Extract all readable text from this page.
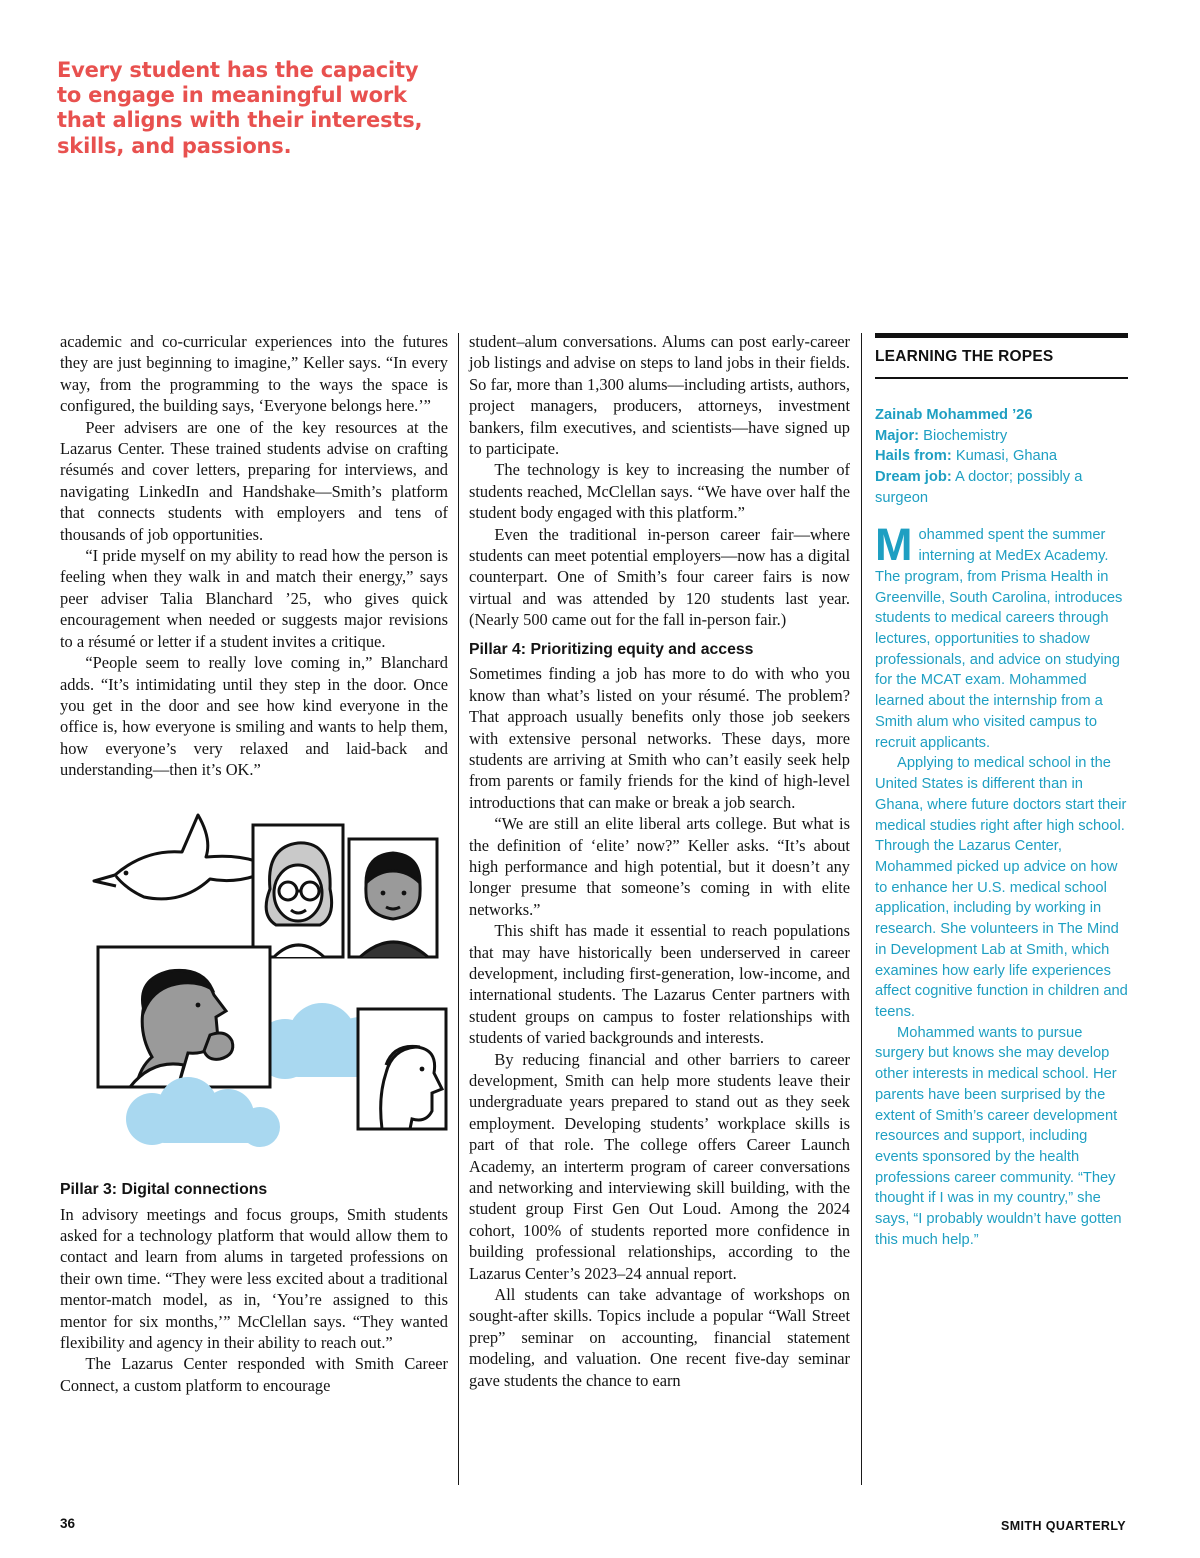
Every student has the capacity to engage in meaningful work that aligns with their interests, skills, and passions.

academic and co-curricular experiences into the futures they are just beginning to imagine,” Keller says. “In every way, from the programming to the ways the space is configured, the building says, ‘Everyone belongs here.’”

Peer advisers are one of the key resources at the Lazarus Center. These trained students advise on crafting résumés and cover letters, preparing for interviews, and navigating LinkedIn and Handshake—Smith’s platform that connects students with employers and tens of thousands of job opportunities.

“I pride myself on my ability to read how the person is feeling when they walk in and match their energy,” says peer adviser Talia Blanchard ’25, who gives quick encouragement when needed or suggests major revisions to a résumé or letter if a student invites a critique.

“People seem to really love coming in,” Blanchard adds. “It’s intimidating until they step in the door. Once you get in the door and see how kind everyone in the office is, how everyone is smiling and wants to help them, how everyone’s very relaxed and laid-back and understanding—then it’s OK.”

Pillar 3: Digital connections

In advisory meetings and focus groups, Smith students asked for a technology platform that would allow them to contact and learn from alums in targeted professions on their own time. “They were less excited about a traditional mentor-match model, as in, ‘You’re assigned to this mentor for six months,’” McClellan says. “They wanted flexibility and agency in their ability to reach out.”

The Lazarus Center responded with Smith Career Connect, a custom platform to encourage

student–alum conversations. Alums can post early-career job listings and advise on steps to land jobs in their fields. So far, more than 1,300 alums—including artists, authors, project managers, producers, attorneys, investment bankers, film executives, and scientists—have signed up to participate.

The technology is key to increasing the number of students reached, McClellan says. “We have over half the student body engaged with this platform.”

Even the traditional in-person career fair—where students can meet potential employers—now has a digital counterpart. One of Smith’s four career fairs is now virtual and was attended by 120 students last year. (Nearly 500 came out for the fall in-person fair.)

Pillar 4: Prioritizing equity and access

Sometimes finding a job has more to do with who you know than what’s listed on your résumé. The problem? That approach usually benefits only those job seekers with extensive personal networks. These days, more students are arriving at Smith who can’t easily seek help from parents or family friends for the kind of high-level introductions that can make or break a job search.

“We are still an elite liberal arts college. But what is the definition of ‘elite’ now?” Keller asks. “It’s about high performance and high potential, but it doesn’t any longer presume that someone’s coming in with elite networks.”

This shift has made it essential to reach populations that may have historically been underserved in career development, including first-generation, low-income, and international students. The Lazarus Center partners with student groups on campus to foster relationships with students of varied backgrounds and interests.

By reducing financial and other barriers to career development, Smith can help more students leave their undergraduate years prepared to stand out as they seek employment. Developing students’ workplace skills is part of that role. The college offers Career Launch Academy, an interterm program of career conversations and networking and interviewing skill building, with the student group First Gen Out Loud. Among the 2024 cohort, 100% of students reported more confidence in building professional relationships, according to the Lazarus Center’s 2023–24 annual report.

All students can take advantage of workshops on sought-after skills. Topics include a popular “Wall Street prep” seminar on accounting, financial statement modeling, and valuation. One recent five-day seminar gave students the chance to earn

LEARNING THE ROPES

Zainab Mohammed ’26

Major: Biochemistry

Hails from: Kumasi, Ghana

Dream job: A doctor; possibly a surgeon

Mohammed spent the summer interning at MedEx Academy. The program, from Prisma Health in Greenville, South Carolina, introduces students to medical careers through lectures, opportunities to shadow professionals, and advice on studying for the MCAT exam. Mohammed learned about the internship from a Smith alum who visited campus to recruit applicants.

Applying to medical school in the United States is different than in Ghana, where future doctors start their medical studies right after high school. Through the Lazarus Center, Mohammed picked up advice on how to enhance her U.S. medical school application, including by working in research. She volunteers in The Mind in Development Lab at Smith, which examines how early life experiences affect cognitive function in children and teens.

Mohammed wants to pursue surgery but knows she may develop other interests in medical school. Her parents have been surprised by the extent of Smith’s career development resources and support, including events sponsored by the health professions career community. “They thought if I was in my country,” she says, “I probably wouldn’t have gotten this much help.”

36	SMITH QUARTERLY
